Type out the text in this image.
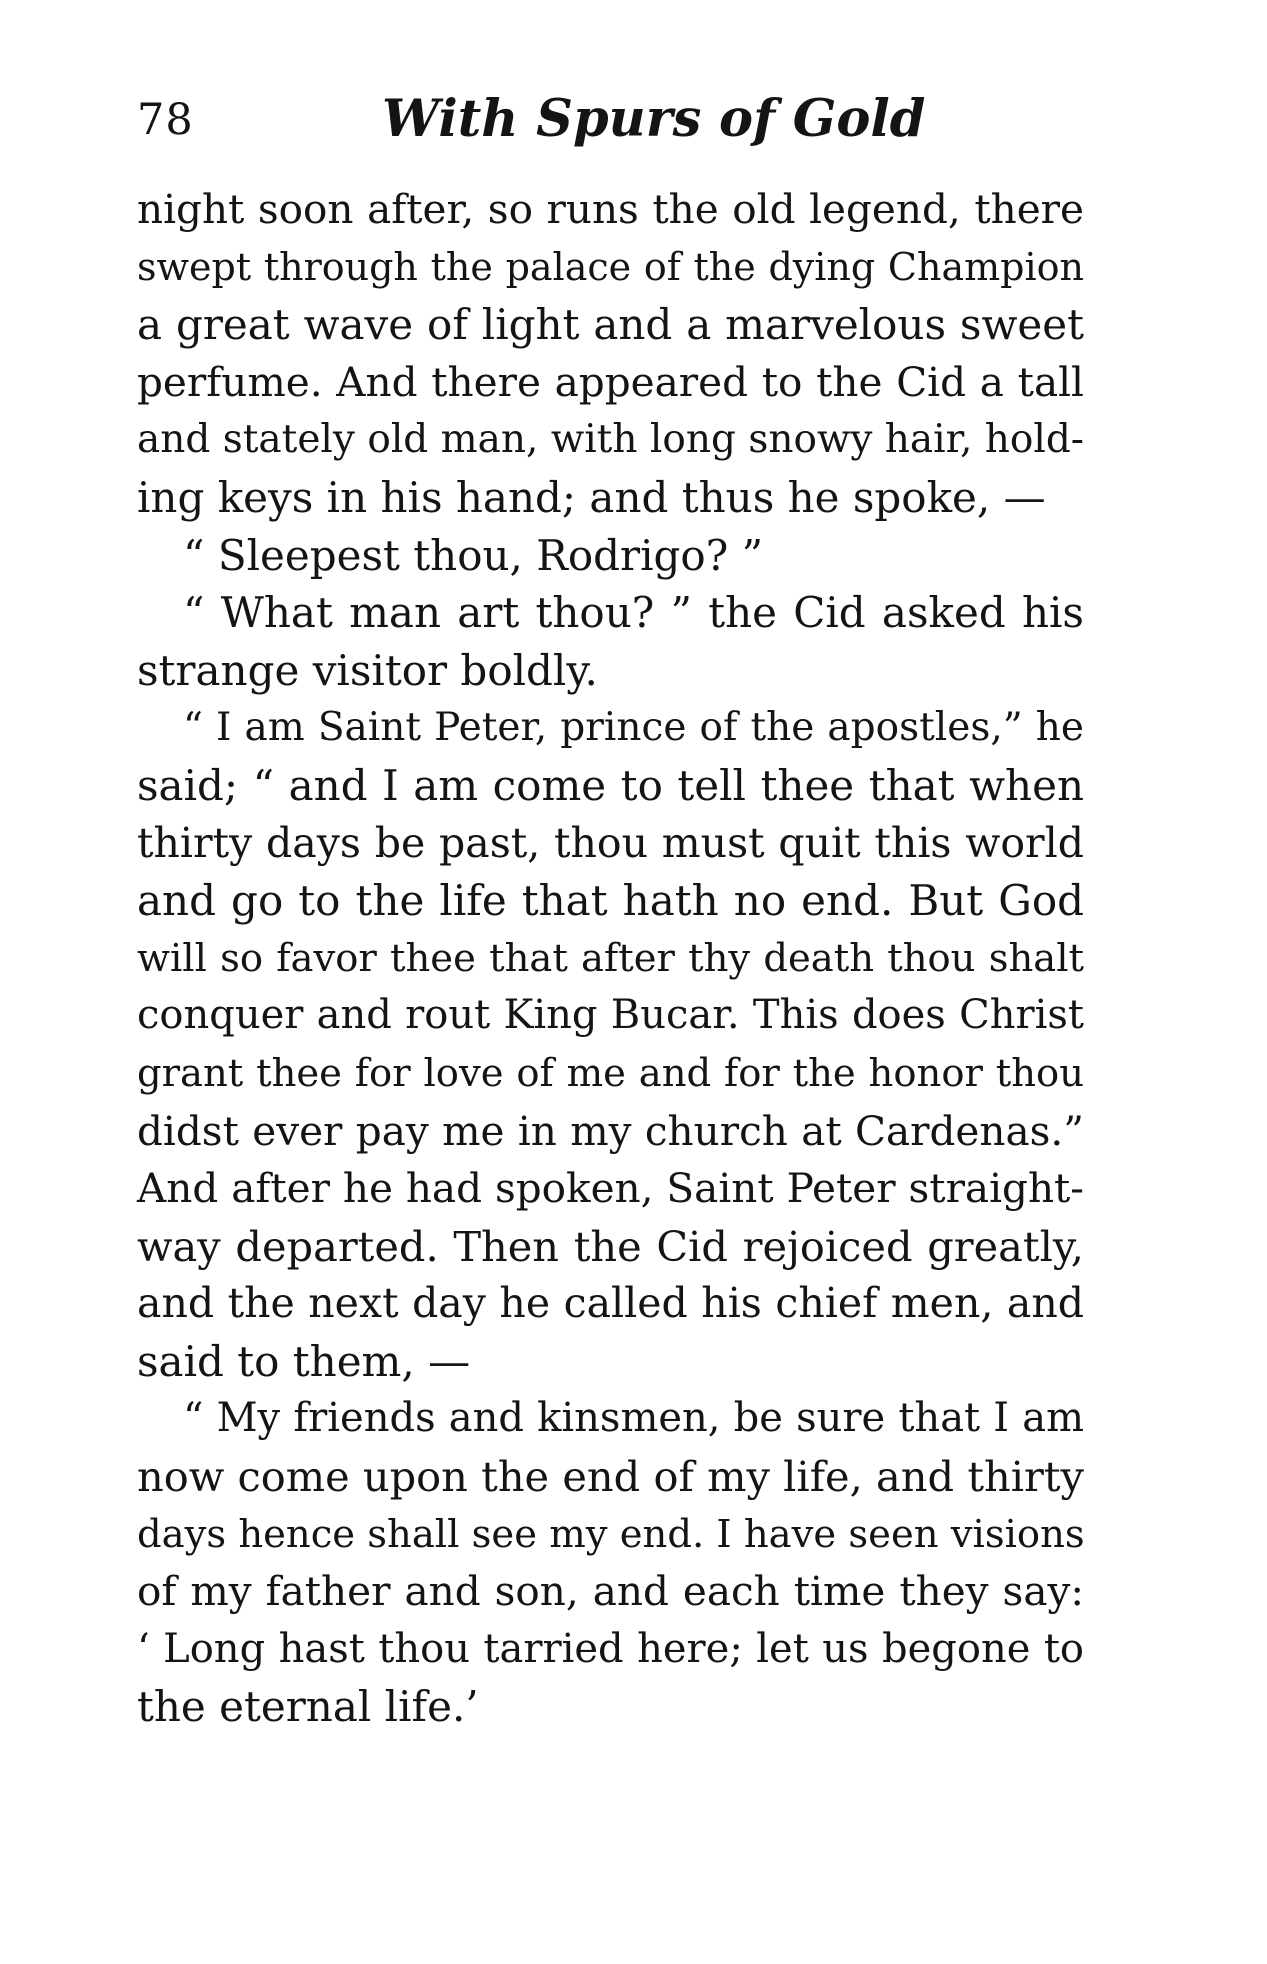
78	With Spurs of Gold
night soon after, so runs the old legend, there
swept through the palace of the dying Champion
a great wave of light and a marvelous sweet
perfume. And there appeared to the Cid a tall
and stately old man, with long snowy hair, hold-
ing keys in his hand; and thus he spoke, —
“ Sleepest thou, Rodrigo? ”
“ What man art thou? ” the Cid asked his
strange visitor boldly.
“ I am Saint Peter, prince of the apostles,” he
said; “ and I am come to tell thee that when
thirty days be past, thou must quit this world
and go to the life that hath no end. But God
will so favor thee that after thy death thou shalt
conquer and rout King Bucar. This does Christ
grant thee for love of me and for the honor thou
didst ever pay me in my church at Cardenas.”
And after he had spoken, Saint Peter straight-
way departed. Then the Cid rejoiced greatly,
and the next day he called his chief men, and
said to them, —
“ My friends and kinsmen, be sure that I am
now come upon the end of my life, and thirty
days hence shall see my end. I have seen visions
of my father and son, and each time they say:
‘ Long hast thou tarried here; let us begone to
the eternal life.’
